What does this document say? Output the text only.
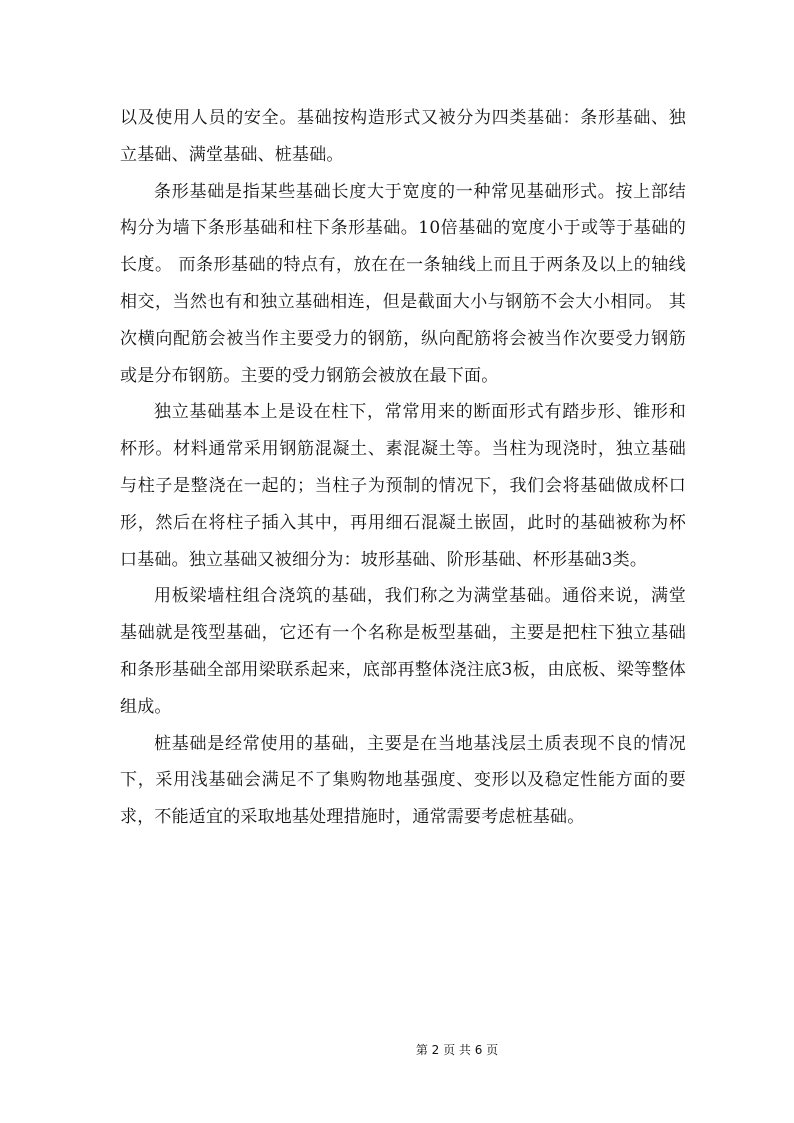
以及使用人员的安全。基础按构造形式又被分为四类基础：条形基础、独立基础、满堂基础、桩基础。

条形基础是指某些基础长度大于宽度的一种常见基础形式。按上部结构分为墙下条形基础和柱下条形基础。10倍基础的宽度小于或等于基础的长度。 而条形基础的特点有，放在在一条轴线上而且于两条及以上的轴线相交，当然也有和独立基础相连，但是截面大小与钢筋不会大小相同。 其次横向配筋会被当作主要受力的钢筋，纵向配筋将会被当作次要受力钢筋或是分布钢筋。主要的受力钢筋会被放在最下面。

独立基础基本上是设在柱下，常常用来的断面形式有踏步形、锥形和杯形。材料通常采用钢筋混凝土、素混凝土等。当柱为现浇时，独立基础与柱子是整浇在一起的；当柱子为预制的情况下，我们会将基础做成杯口形，然后在将柱子插入其中，再用细石混凝土嵌固，此时的基础被称为杯口基础。独立基础又被细分为：坡形基础、阶形基础、杯形基础3类。

用板梁墙柱组合浇筑的基础，我们称之为满堂基础。通俗来说，满堂基础就是筏型基础，它还有一个名称是板型基础，主要是把柱下独立基础和条形基础全部用梁联系起来，底部再整体浇注底3板，由底板、梁等整体组成。

桩基础是经常使用的基础，主要是在当地基浅层土质表现不良的情况下，采用浅基础会满足不了集购物地基强度、变形以及稳定性能方面的要求，不能适宜的采取地基处理措施时，通常需要考虑桩基础。

第 2 页 共 6 页
